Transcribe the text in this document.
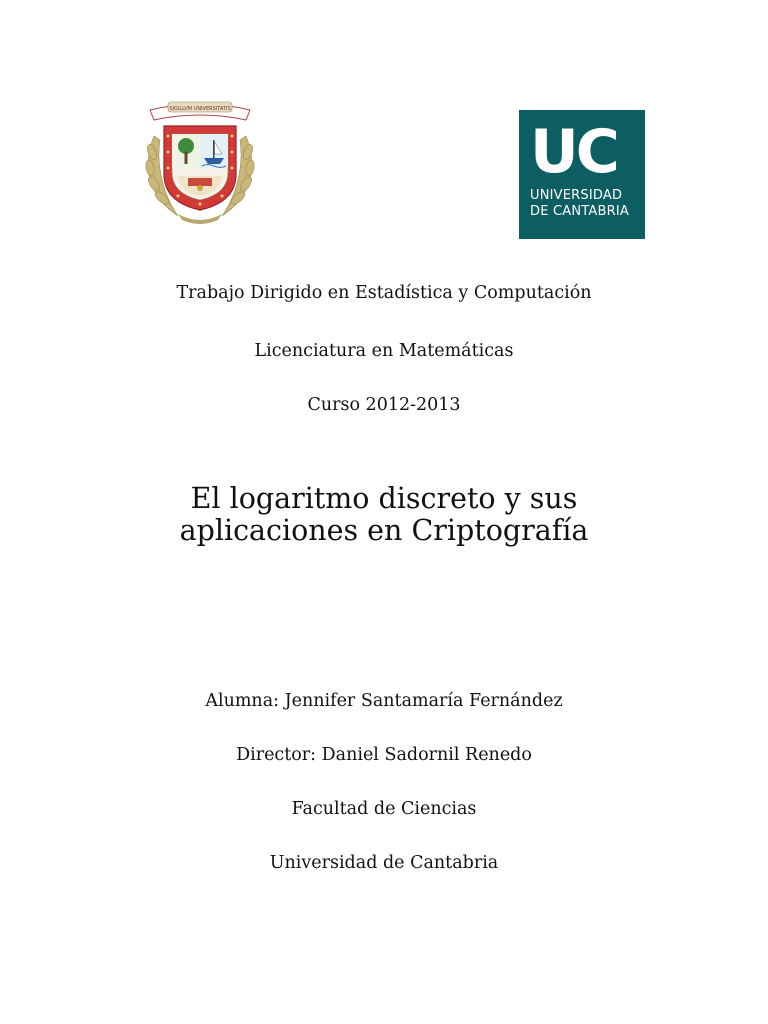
SIGILLVM UNIVERSITATIS
UC
UNIVERSIDAD
DE CANTABRIA
Trabajo Dirigido en Estadística y Computación
Licenciatura en Matemáticas
Curso 2012-2013
El logaritmo discreto y sus
aplicaciones en Criptografía
Alumna: Jennifer Santamaría Fernández
Director: Daniel Sadornil Renedo
Facultad de Ciencias
Universidad de Cantabria
